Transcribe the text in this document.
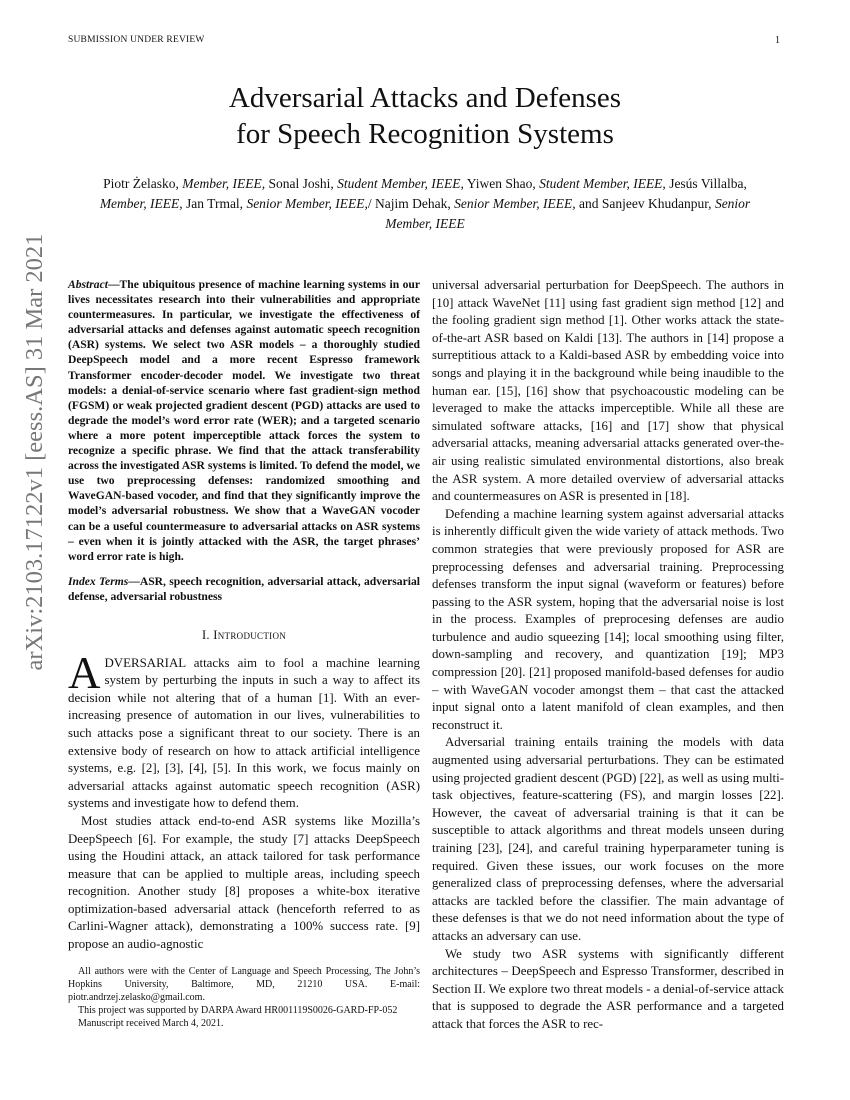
SUBMISSION UNDER REVIEW	1
arXiv:2103.17122v1 [eess.AS] 31 Mar 2021
Adversarial Attacks and Defenses
for Speech Recognition Systems
Piotr Żelasko, Member, IEEE, Sonal Joshi, Student Member, IEEE, Yiwen Shao, Student Member, IEEE, Jesús Villalba, Member, IEEE, Jan Trmal, Senior Member, IEEE,/ Najim Dehak, Senior Member, IEEE, and Sanjeev Khudanpur, Senior Member, IEEE
Abstract—The ubiquitous presence of machine learning systems in our lives necessitates research into their vulnerabilities and appropriate countermeasures. In particular, we investigate the effectiveness of adversarial attacks and defenses against automatic speech recognition (ASR) systems. We select two ASR models – a thoroughly studied DeepSpeech model and a more recent Espresso framework Transformer encoder-decoder model. We investigate two threat models: a denial-of-service scenario where fast gradient-sign method (FGSM) or weak projected gradient descent (PGD) attacks are used to degrade the model’s word error rate (WER); and a targeted scenario where a more potent imperceptible attack forces the system to recognize a specific phrase. We find that the attack transferability across the investigated ASR systems is limited. To defend the model, we use two preprocessing defenses: randomized smoothing and WaveGAN-based vocoder, and find that they significantly improve the model’s adversarial robustness. We show that a WaveGAN vocoder can be a useful countermeasure to adversarial attacks on ASR systems – even when it is jointly attacked with the ASR, the target phrases’ word error rate is high.
Index Terms—ASR, speech recognition, adversarial attack, adversarial defense, adversarial robustness
I. Introduction

ADVERSARIAL attacks aim to fool a machine learning system by perturbing the inputs in such a way to affect its decision while not altering that of a human [1]. With an ever-increasing presence of automation in our lives, vulnerabilities to such attacks pose a significant threat to our society. There is an extensive body of research on how to attack artificial intelligence systems, e.g. [2], [3], [4], [5]. In this work, we focus mainly on adversarial attacks against automatic speech recognition (ASR) systems and investigate how to defend them.

Most studies attack end-to-end ASR systems like Mozilla’s DeepSpeech [6]. For example, the study [7] attacks DeepSpeech using the Houdini attack, an attack tailored for task performance measure that can be applied to multiple areas, including speech recognition. Another study [8] proposes a white-box iterative optimization-based adversarial attack (henceforth referred to as Carlini-Wagner attack), demonstrating a 100% success rate. [9] propose an audio-agnostic

All authors were with the Center of Language and Speech Processing, The John’s Hopkins University, Baltimore, MD, 21210 USA. E-mail: piotr.andrzej.zelasko@gmail.com.

This project was supported by DARPA Award HR001119S0026-GARD-FP-052

Manuscript received March 4, 2021.

universal adversarial perturbation for DeepSpeech. The authors in [10] attack WaveNet [11] using fast gradient sign method [12] and the fooling gradient sign method [1]. Other works attack the state-of-the-art ASR based on Kaldi [13]. The authors in [14] propose a surreptitious attack to a Kaldi-based ASR by embedding voice into songs and playing it in the background while being inaudible to the human ear. [15], [16] show that psychoacoustic modeling can be leveraged to make the attacks imperceptible. While all these are simulated software attacks, [16] and [17] show that physical adversarial attacks, meaning adversarial attacks generated over-the-air using realistic simulated environmental distortions, also break the ASR system. A more detailed overview of adversarial attacks and countermeasures on ASR is presented in [18].

Defending a machine learning system against adversarial attacks is inherently difficult given the wide variety of attack methods. Two common strategies that were previously proposed for ASR are preprocessing defenses and adversarial training. Preprocessing defenses transform the input signal (waveform or features) before passing to the ASR system, hoping that the adversarial noise is lost in the process. Examples of preprocesing defenses are audio turbulence and audio squeezing [14]; local smoothing using filter, down-sampling and recovery, and quantization [19]; MP3 compression [20]. [21] proposed manifold-based defenses for audio – with WaveGAN vocoder amongst them – that cast the attacked input signal onto a latent manifold of clean examples, and then reconstruct it.

Adversarial training entails training the models with data augmented using adversarial perturbations. They can be estimated using projected gradient descent (PGD) [22], as well as using multi-task objectives, feature-scattering (FS), and margin losses [22]. However, the caveat of adversarial training is that it can be susceptible to attack algorithms and threat models unseen during training [23], [24], and careful training hyperparameter tuning is required. Given these issues, our work focuses on the more generalized class of preprocessing defenses, where the adversarial attacks are tackled before the classifier. The main advantage of these defenses is that we do not need information about the type of attacks an adversary can use.

We study two ASR systems with significantly different architectures – DeepSpeech and Espresso Transformer, described in Section II. We explore two threat models - a denial-of-service attack that is supposed to degrade the ASR performance and a targeted attack that forces the ASR to rec-
